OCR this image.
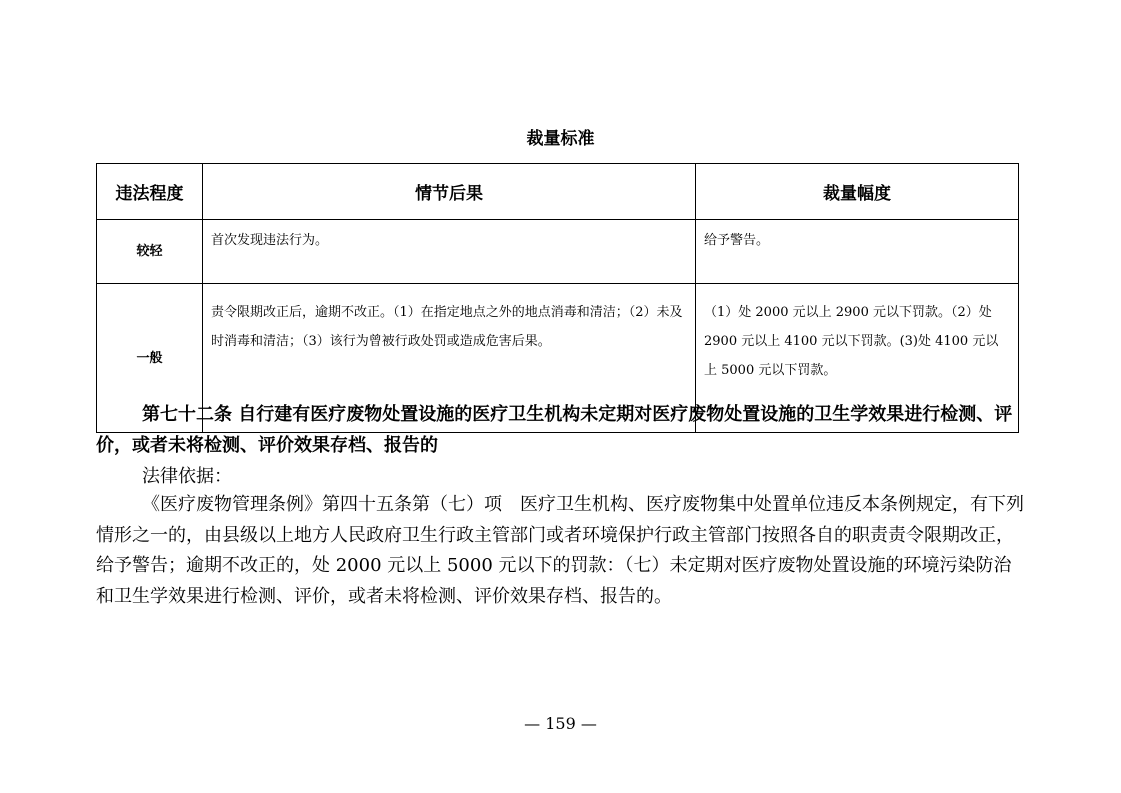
裁量标准
违法程度	情节后果	裁量幅度
较轻	首次发现违法行为。	给予警告。
一般	责令限期改正后，逾期不改正。（1）在指定地点之外的地点消毒和清洁；（2）未及时消毒和清洁；（3）该行为曾被行政处罚或造成危害后果。	（1）处 2000 元以上 2900 元以下罚款。（2）处 2900 元以上 4100 元以下罚款。(3)处 4100 元以上 5000 元以下罚款。
第七十二条 自行建有医疗废物处置设施的医疗卫生机构未定期对医疗废物处置设施的卫生学效果进行检测、评价，或者未将检测、评价效果存档、报告的
法律依据：
《医疗废物管理条例》第四十五条第（七）项　医疗卫生机构、医疗废物集中处置单位违反本条例规定，有下列情形之一的，由县级以上地方人民政府卫生行政主管部门或者环境保护行政主管部门按照各自的职责责令限期改正，给予警告；逾期不改正的，处 2000 元以上 5000 元以下的罚款：（七）未定期对医疗废物处置设施的环境污染防治和卫生学效果进行检测、评价，或者未将检测、评价效果存档、报告的。
— 159 —
